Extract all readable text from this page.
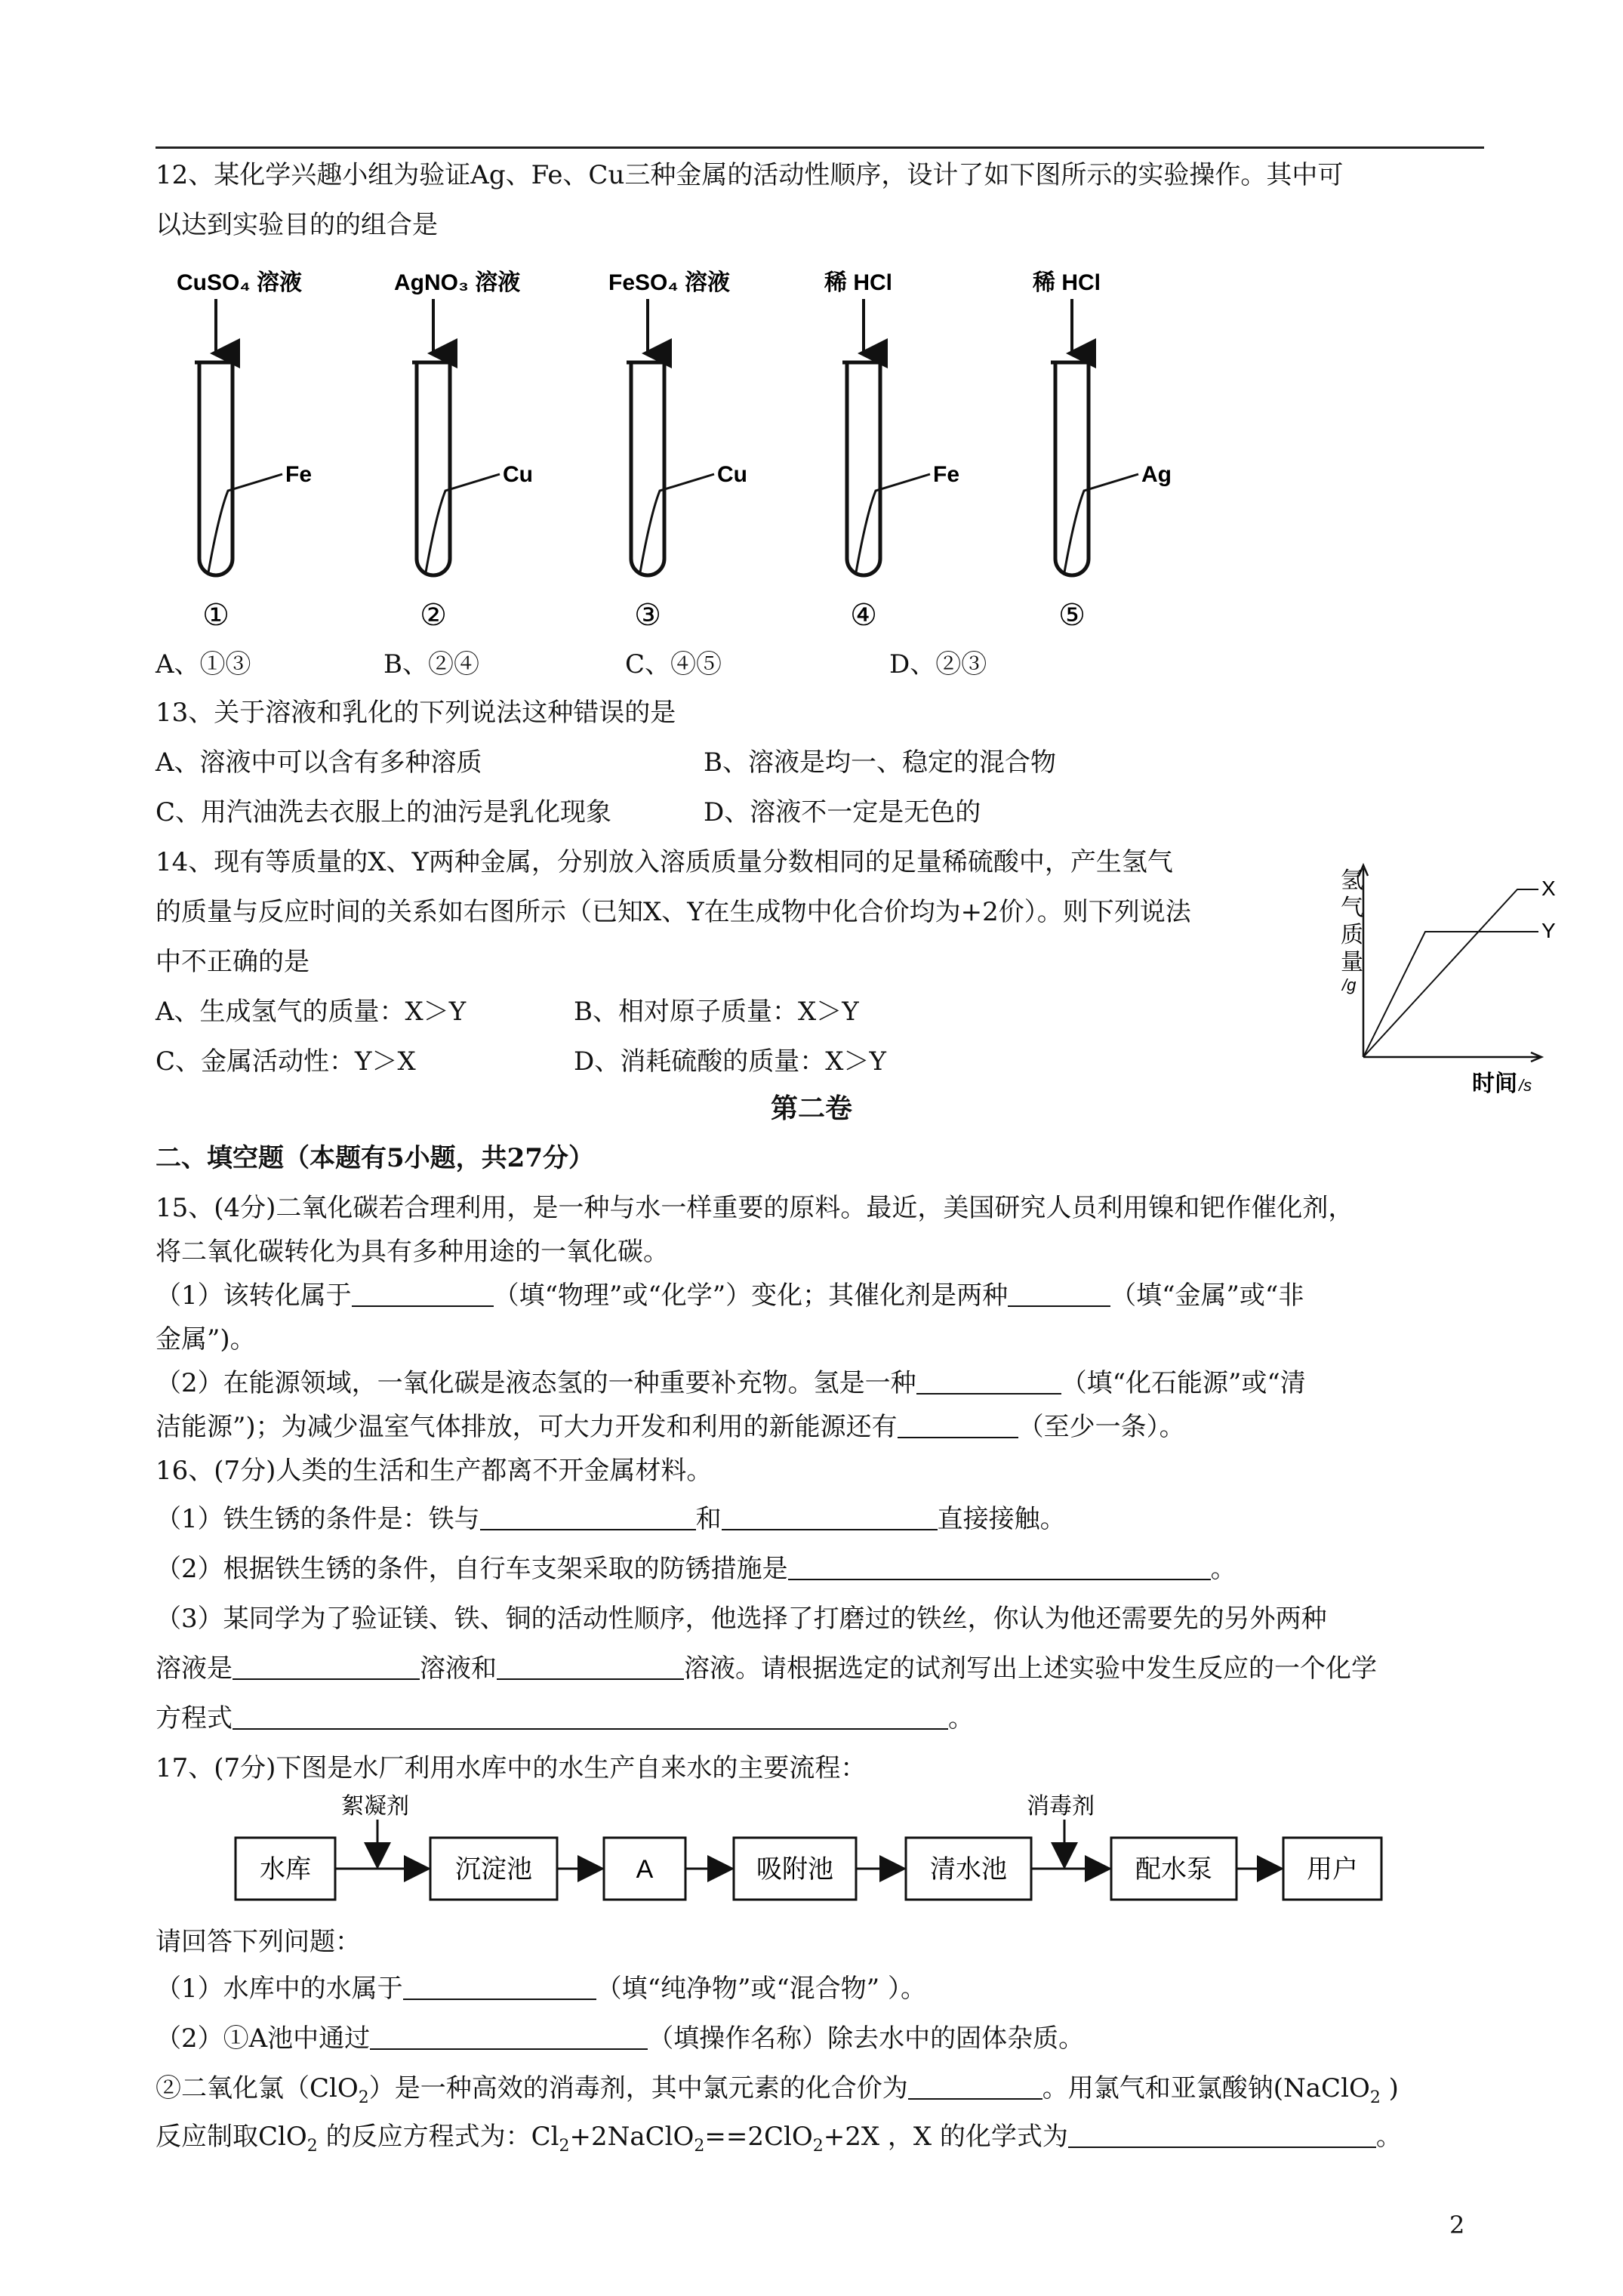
12、某化学兴趣小组为验证Ag、Fe、Cu三种金属的活动性顺序，设计了如下图所示的实验操作。其中可
以达到实验目的的组合是
CuSO₄ 溶液
Fe
①
AgNO₃ 溶液
Cu
②
FeSO₄ 溶液
Cu
③
稀 HCl
Fe
④
稀 HCl
Ag
⑤
A、①③	B、②④	C、④⑤	D、②③
13、关于溶液和乳化的下列说法这种错误的是
A、溶液中可以含有多种溶质	B、溶液是均一、稳定的混合物
C、用汽油洗去衣服上的油污是乳化现象	D、溶液不一定是无色的
14、现有等质量的X、Y两种金属，分别放入溶质质量分数相同的足量稀硫酸中，产生氢气
的质量与反应时间的关系如右图所示（已知X、Y在生成物中化合价均为+2价）。则下列说法
中不正确的是
A、生成氢气的质量：X＞Y	B、相对原子质量：X＞Y
C、金属活动性：Y＞X	D、消耗硫酸的质量：X＞Y
氢
气
质
量
/g
X
Y
时间 /s
第二卷
二、填空题（本题有5小题，共27分）
15、(4分)二氧化碳若合理利用，是一种与水一样重要的原料。最近，美国研究人员利用镍和钯作催化剂，
将二氧化碳转化为具有多种用途的一氧化碳。
（1）该转化属于	（填“物理”或“化学”）变化；其催化剂是两种	（填“金属”或“非
金属”)。
（2）在能源领域，一氧化碳是液态氢的一种重要补充物。氢是一种	（填“化石能源”或“清
洁能源”)；为减少温室气体排放，可大力开发和利用的新能源还有	（至少一条）。
16、(7分)人类的生活和生产都离不开金属材料。
（1）铁生锈的条件是：铁与	和	直接接触。
（2）根据铁生锈的条件，自行车支架采取的防锈措施是	。
（3）某同学为了验证镁、铁、铜的活动性顺序，他选择了打磨过的铁丝，你认为他还需要先的另外两种
溶液是	溶液和	溶液。请根据选定的试剂写出上述实验中发生反应的一个化学
方程式	。
17、(7分)下图是水厂利用水库中的水生产自来水的主要流程：
水库	沉淀池	A	吸附池	清水池	配水泵	用户
絮凝剂	消毒剂
请回答下列问题：
（1）水库中的水属于	（填“纯净物”或“混合物” ）。
（2）①A池中通过	（填操作名称）除去水中的固体杂质。
②二氧化氯（ClO$_2$）是一种高效的消毒剂，其中氯元素的化合价为	。用氯气和亚氯酸钠(NaClO$_2$ )
反应制取ClO$_2$ 的反应方程式为：$Cl_2+2NaClO_2==2ClO_2+2X$ ，X 的化学式为	。
2
